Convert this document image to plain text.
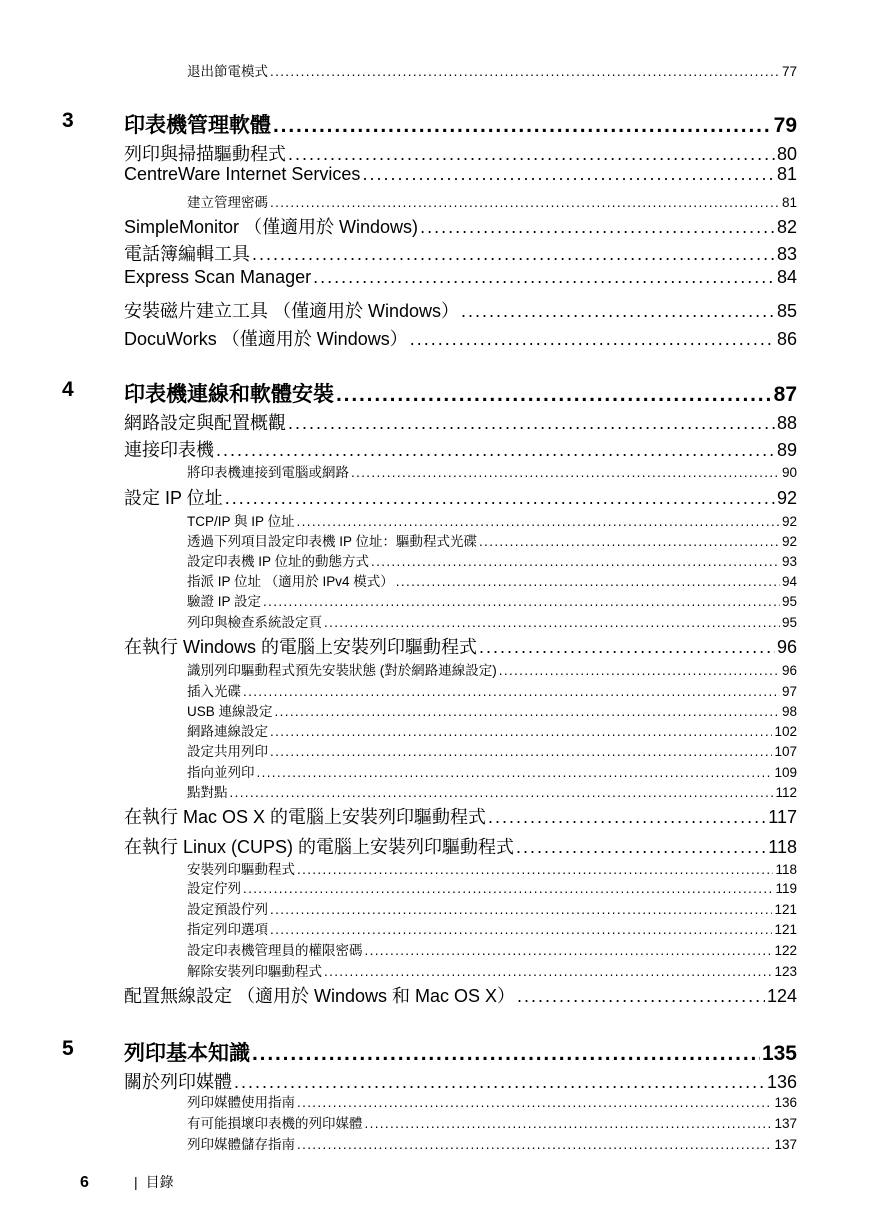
退出節電模式 . . .	77
3 印表機管理軟體 . . .	79
列印與掃描驅動程式 . . .	80
CentreWare Internet Services . . .	81
建立管理密碼 . . .	81
SimpleMonitor （僅適用於 Windows) . . .	82
電話簿編輯工具 . . .	83
Express Scan Manager . . .	84
安裝磁片建立工具 （僅適用於 Windows） . . .	85
DocuWorks （僅適用於 Windows） . . .	86
4 印表機連線和軟體安裝 . . .	87
網路設定與配置概觀 . . .	88
連接印表機 . . .	89
將印表機連接到電腦或網路 . . .	90
設定 IP 位址 . . .	92
TCP/IP 與 IP 位址 . . .	92
透過下列項目設定印表機 IP 位址：驅動程式光碟 . . .	92
設定印表機 IP 位址的動態方式 . . .	93
指派 IP 位址 （適用於 IPv4 模式） . . .	94
驗證 IP 設定 . . .	95
列印與檢查系統設定頁 . . .	95
在執行 Windows 的電腦上安裝列印驅動程式 . . .	96
識別列印驅動程式預先安裝狀態 (對於網路連線設定) . . .	96
插入光碟 . . .	97
USB 連線設定 . . .	98
網路連線設定 . . .	102
設定共用列印 . . .	107
指向並列印 . . .	109
點對點 . . .	112
在執行 Mac OS X 的電腦上安裝列印驅動程式 . . .	117
在執行 Linux (CUPS) 的電腦上安裝列印驅動程式 . . .	118
安裝列印驅動程式 . . .	118
設定佇列 . . .	119
設定預設佇列 . . .	121
指定列印選項 . . .	121
設定印表機管理員的權限密碼 . . .	122
解除安裝列印驅動程式 . . .	123
配置無線設定 （適用於 Windows 和 Mac OS X） . . .	124
5 列印基本知識 . . .	135
關於列印媒體 . . .	136
列印媒體使用指南 . . .	136
有可能損壞印表機的列印媒體 . . .	137
列印媒體儲存指南 . . .	137
6	| 目錄
